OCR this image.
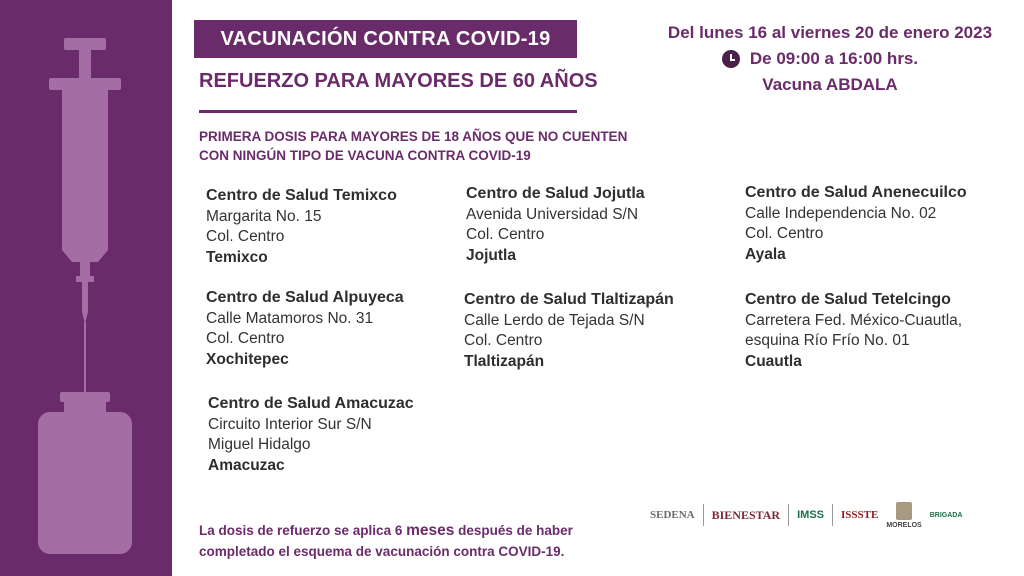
VACUNACIÓN CONTRA COVID-19
REFUERZO PARA MAYORES DE 60 AÑOS
Del lunes 16 al viernes 20 de enero 2023
De 09:00 a 16:00 hrs.
Vacuna ABDALA
PRIMERA DOSIS PARA MAYORES DE 18 AÑOS QUE NO CUENTEN
CON NINGÚN TIPO DE VACUNA CONTRA COVID-19
Centro de Salud Temixco
Margarita No. 15
Col. Centro
Temixco
Centro de Salud Jojutla
Avenida Universidad S/N
Col. Centro
Jojutla
Centro de Salud Anenecuilco
Calle Independencia No. 02
Col. Centro
Ayala
Centro de Salud Alpuyeca
Calle Matamoros No. 31
Col. Centro
Xochitepec
Centro de Salud Tlaltizapán
Calle Lerdo de Tejada S/N
Col. Centro
Tlaltizapán
Centro de Salud Tetelcingo
Carretera Fed. México-Cuautla,
esquina Río Frío No. 01
Cuautla
Centro de Salud Amacuzac
Circuito Interior Sur S/N
Miguel Hidalgo
Amacuzac
La dosis de refuerzo se aplica 6 meses después de haber
completado el esquema de vacunación contra COVID-19.
SEDENA BIENESTAR IMSS ISSSTE
MORELOS
BRIGADA
